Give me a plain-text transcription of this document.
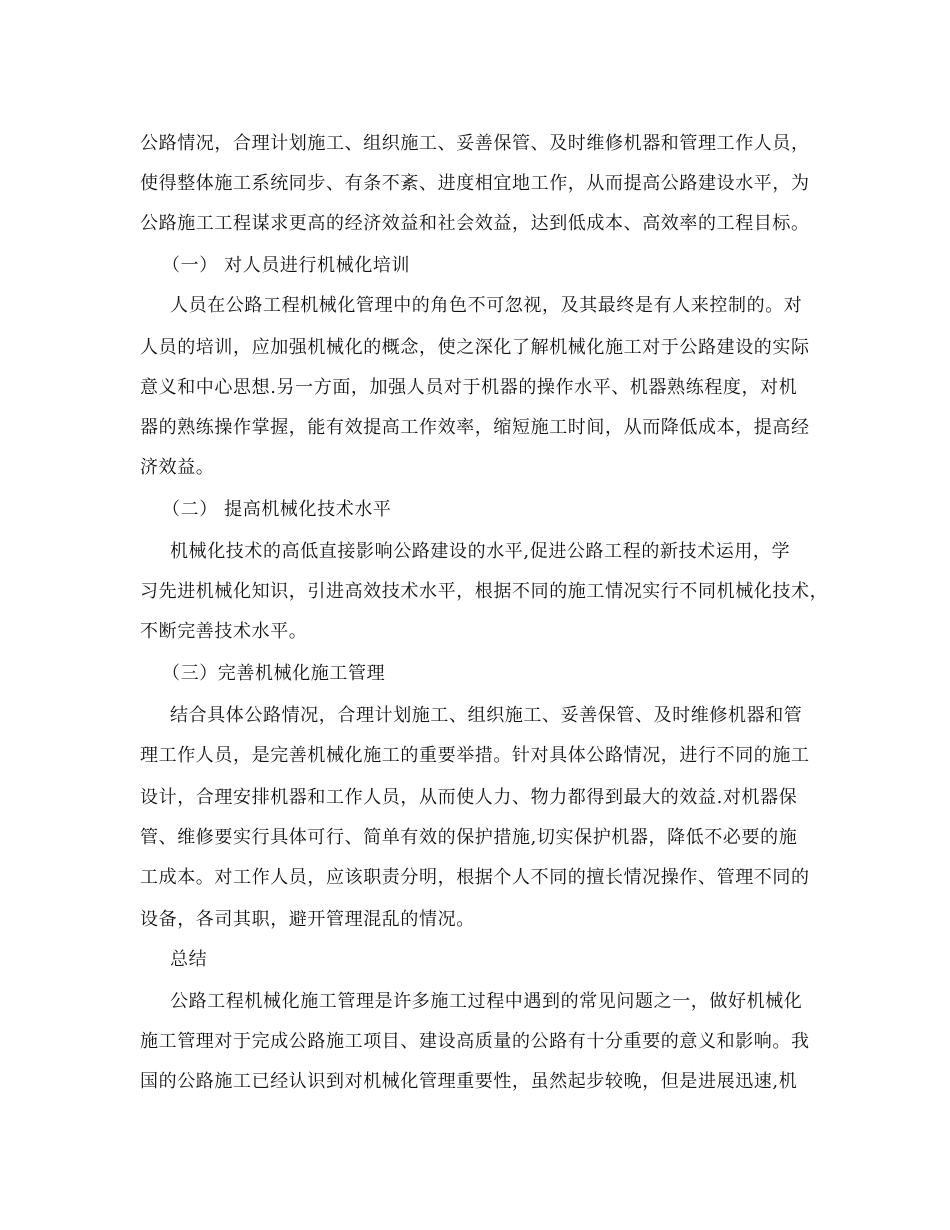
公路情况，合理计划施工、组织施工、妥善保管、及时维修机器和管理工作人员，
使得整体施工系统同步、有条不紊、进度相宜地工作，从而提高公路建设水平，为
公路施工工程谋求更高的经济效益和社会效益，达到低成本、高效率的工程目标。
（一） 对人员进行机械化培训
人员在公路工程机械化管理中的角色不可忽视，及其最终是有人来控制的。对
人员的培训，应加强机械化的概念，使之深化了解机械化施工对于公路建设的实际
意义和中心思想.另一方面，加强人员对于机器的操作水平、机器熟练程度，对机
器的熟练操作掌握，能有效提高工作效率，缩短施工时间，从而降低成本，提高经
济效益。
（二） 提高机械化技术水平
机械化技术的高低直接影响公路建设的水平,促进公路工程的新技术运用，学
习先进机械化知识，引进高效技术水平，根据不同的施工情况实行不同机械化技术，
不断完善技术水平。
（三）完善机械化施工管理
结合具体公路情况，合理计划施工、组织施工、妥善保管、及时维修机器和管
理工作人员，是完善机械化施工的重要举措。针对具体公路情况，进行不同的施工
设计，合理安排机器和工作人员，从而使人力、物力都得到最大的效益.对机器保
管、维修要实行具体可行、简单有效的保护措施,切实保护机器，降低不必要的施
工成本。对工作人员，应该职责分明，根据个人不同的擅长情况操作、管理不同的
设备，各司其职，避开管理混乱的情况。
总结
公路工程机械化施工管理是许多施工过程中遇到的常见问题之一，做好机械化
施工管理对于完成公路施工项目、建设高质量的公路有十分重要的意义和影响。我
国的公路施工已经认识到对机械化管理重要性，虽然起步较晚，但是进展迅速,机
